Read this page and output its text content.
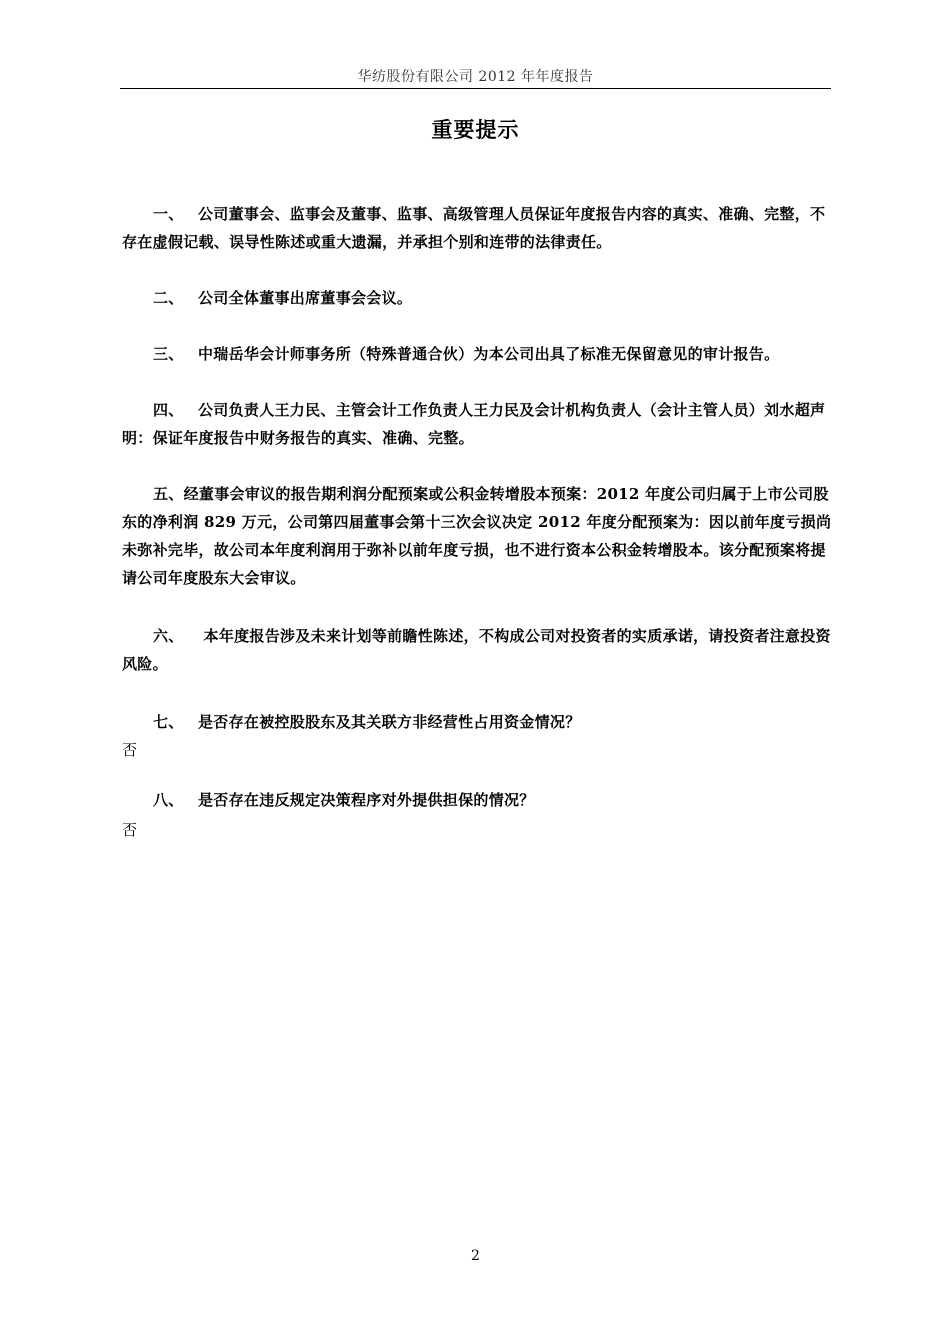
华纺股份有限公司 2012 年年度报告
重要提示
一、 公司董事会、监事会及董事、监事、高级管理人员保证年度报告内容的真实、准确、完整，不存在虚假记载、误导性陈述或重大遗漏，并承担个别和连带的法律责任。
二、 公司全体董事出席董事会会议。
三、 中瑞岳华会计师事务所（特殊普通合伙）为本公司出具了标准无保留意见的审计报告。
四、 公司负责人王力民、主管会计工作负责人王力民及会计机构负责人（会计主管人员）刘水超声明：保证年度报告中财务报告的真实、准确、完整。
五、经董事会审议的报告期利润分配预案或公积金转增股本预案：2012 年度公司归属于上市公司股东的净利润 829 万元，公司第四届董事会第十三次会议决定 2012 年度分配预案为：因以前年度亏损尚未弥补完毕，故公司本年度利润用于弥补以前年度亏损，也不进行资本公积金转增股本。该分配预案将提请公司年度股东大会审议。
六、 本年度报告涉及未来计划等前瞻性陈述，不构成公司对投资者的实质承诺，请投资者注意投资风险。
七、 是否存在被控股股东及其关联方非经营性占用资金情况？
否
八、 是否存在违反规定决策程序对外提供担保的情况？
否
2
